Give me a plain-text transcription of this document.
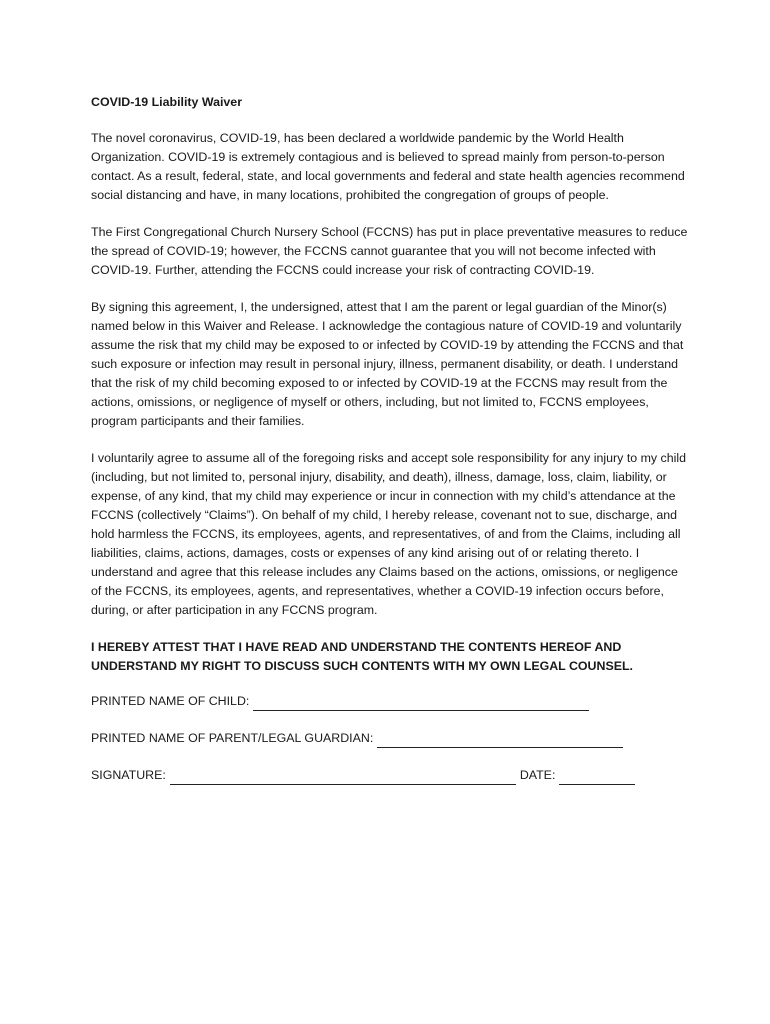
COVID-19 Liability Waiver

The novel coronavirus, COVID-19, has been declared a worldwide pandemic by the World Health Organization. COVID-19 is extremely contagious and is believed to spread mainly from person-to-person contact. As a result, federal, state, and local governments and federal and state health agencies recommend social distancing and have, in many locations, prohibited the congregation of groups of people.

The First Congregational Church Nursery School (FCCNS) has put in place preventative measures to reduce the spread of COVID-19; however, the FCCNS cannot guarantee that you will not become infected with COVID-19. Further, attending the FCCNS could increase your risk of contracting COVID-19.

By signing this agreement, I, the undersigned, attest that I am the parent or legal guardian of the Minor(s) named below in this Waiver and Release. I acknowledge the contagious nature of COVID-19 and voluntarily assume the risk that my child may be exposed to or infected by COVID-19 by attending the FCCNS and that such exposure or infection may result in personal injury, illness, permanent disability, or death. I understand that the risk of my child becoming exposed to or infected by COVID-19 at the FCCNS may result from the actions, omissions, or negligence of myself or others, including, but not limited to, FCCNS employees, program participants and their families.

I voluntarily agree to assume all of the foregoing risks and accept sole responsibility for any injury to my child (including, but not limited to, personal injury, disability, and death), illness, damage, loss, claim, liability, or expense, of any kind, that my child may experience or incur in connection with my child’s attendance at the FCCNS (collectively “Claims”). On behalf of my child, I hereby release, covenant not to sue, discharge, and hold harmless the FCCNS, its employees, agents, and representatives, of and from the Claims, including all liabilities, claims, actions, damages, costs or expenses of any kind arising out of or relating thereto. I understand and agree that this release includes any Claims based on the actions, omissions, or negligence of the FCCNS, its employees, agents, and representatives, whether a COVID-19 infection occurs before, during, or after participation in any FCCNS program.

I HEREBY ATTEST THAT I HAVE READ AND UNDERSTAND THE CONTENTS HEREOF AND UNDERSTAND MY RIGHT TO DISCUSS SUCH CONTENTS WITH MY OWN LEGAL COUNSEL.

PRINTED NAME OF CHILD:
PRINTED NAME OF PARENT/LEGAL GUARDIAN:
SIGNATURE:	DATE:
